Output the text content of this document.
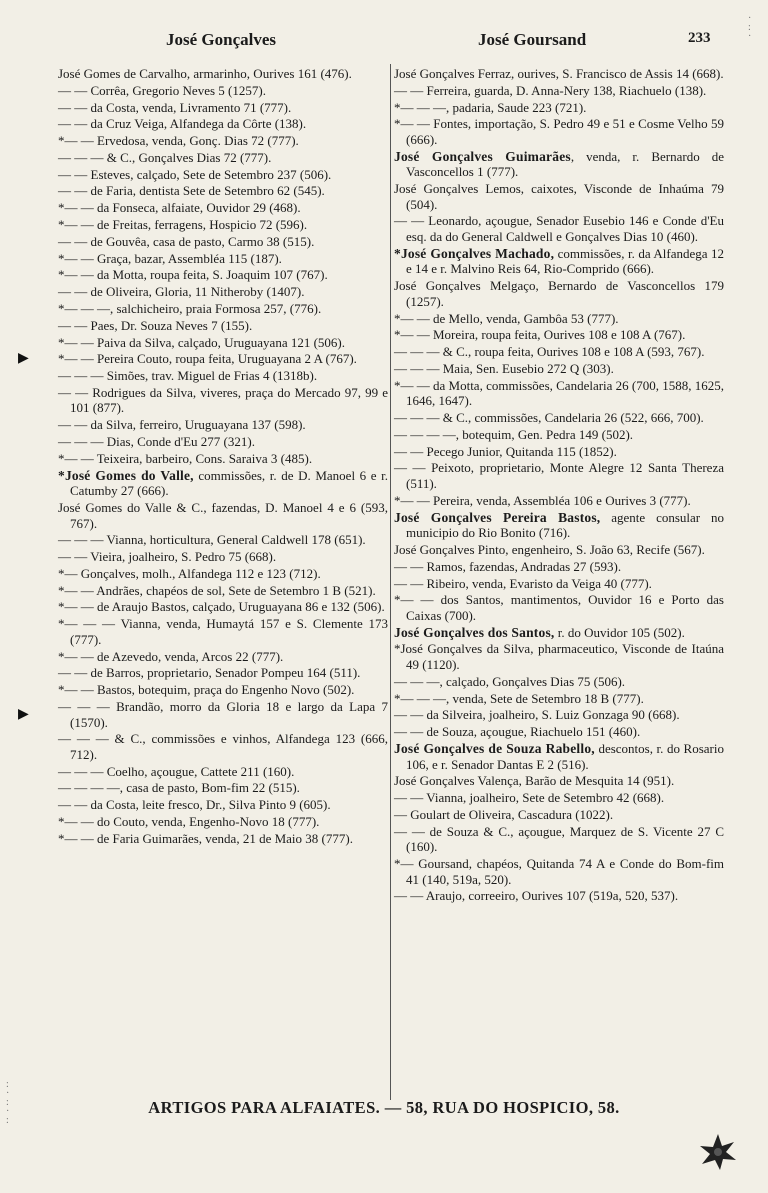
José Gonçalves	José Goursand	233
José Gomes de Carvalho, armarinho, Ourives 161 (476).
— — Corrêa, Gregorio Neves 5 (1257).
— — da Costa, venda, Livramento 71 (777).
— — da Cruz Veiga, Alfandega da Côrte (138).
*— — Ervedosa, venda, Gonç. Dias 72 (777).
— — — & C., Gonçalves Dias 72 (777).
— — Esteves, calçado, Sete de Setembro 237 (506).
— — de Faria, dentista Sete de Setembro 62 (545).
*— — da Fonseca, alfaiate, Ouvidor 29 (468).
*— — de Freitas, ferragens, Hospicio 72 (596).
— — de Gouvêa, casa de pasto, Carmo 38 (515).
*— — Graça, bazar, Assembléa 115 (187).
*— — da Motta, roupa feita, S. Joaquim 107 (767).
— — de Oliveira, Gloria, 11 Nitheroby (1407).
*— — —, salchicheiro, praia Formosa 257, (776).
— — Paes, Dr. Souza Neves 7 (155).
*— — Paiva da Silva, calçado, Uruguayana 121 (506).
*— — Pereira Couto, roupa feita, Uruguayana 2 A (767).
— — — Simões, trav. Miguel de Frias 4 (1318b).
— — Rodrigues da Silva, viveres, praça do Mercado 97, 99 e 101 (877).
— — da Silva, ferreiro, Uruguayana 137 (598).
— — — Dias, Conde d'Eu 277 (321).
*— — Teixeira, barbeiro, Cons. Saraiva 3 (485).
*José Gomes do Valle, commissões, r. de D. Manoel 6 e r. Catumby 27 (666).
José Gomes do Valle & C., fazendas, D. Manoel 4 e 6 (593, 767).
— — — Vianna, horticultura, General Caldwell 178 (651).
— — Vieira, joalheiro, S. Pedro 75 (668).
*— Gonçalves, molh., Alfandega 112 e 123 (712).
*— — Andrães, chapéos de sol, Sete de Setembro 1 B (521).
*— — de Araujo Bastos, calçado, Uruguayana 86 e 132 (506).
*— — — Vianna, venda, Humaytá 157 e S. Clemente 173 (777).
*— — de Azevedo, venda, Arcos 22 (777).
— — de Barros, proprietario, Senador Pompeu 164 (511).
*— — Bastos, botequim, praça do Engenho Novo (502).
— — — Brandão, morro da Gloria 18 e largo da Lapa 7 (1570).
— — — & C., commissões e vinhos, Alfandega 123 (666, 712).
— — — Coelho, açougue, Cattete 211 (160).
— — — —, casa de pasto, Bom-fim 22 (515).
— — da Costa, leite fresco, Dr., Silva Pinto 9 (605).
*— — do Couto, venda, Engenho-Novo 18 (777).
*— — de Faria Guimarães, venda, 21 de Maio 38 (777).
José Gonçalves Ferraz, ourives, S. Francisco de Assis 14 (668).
— — Ferreira, guarda, D. Anna-Nery 138, Riachuelo (138).
*— — —, padaria, Saude 223 (721).
*— — Fontes, importação, S. Pedro 49 e 51 e Cosme Velho 59 (666).
José Gonçalves Guimarães, venda, r. Bernardo de Vasconcellos 1 (777).
José Gonçalves Lemos, caixotes, Visconde de Inhaúma 79 (504).
— — Leonardo, açougue, Senador Eusebio 146 e Conde d'Eu esq. da do General Caldwell e Gonçalves Dias 10 (460).
*José Gonçalves Machado, commissões, r. da Alfandega 12 e 14 e r. Malvino Reis 64, Rio-Comprido (666).
José Gonçalves Melgaço, Bernardo de Vasconcellos 179 (1257).
*— — de Mello, venda, Gambôa 53 (777).
*— — Moreira, roupa feita, Ourives 108 e 108 A (767).
— — — & C., roupa feita, Ourives 108 e 108 A (593, 767).
— — — Maia, Sen. Eusebio 272 Q (303).
*— — da Motta, commissões, Candelaria 26 (700, 1588, 1625, 1646, 1647).
— — — & C., commissões, Candelaria 26 (522, 666, 700).
— — — —, botequim, Gen. Pedra 149 (502).
— — Pecego Junior, Quitanda 115 (1852).
— — Peixoto, proprietario, Monte Alegre 12 Santa Thereza (511).
*— — Pereira, venda, Assembléa 106 e Ourives 3 (777).
José Gonçalves Pereira Bastos, agente consular no municipio do Rio Bonito (716).
José Gonçalves Pinto, engenheiro, S. João 63, Recife (567).
— — Ramos, fazendas, Andradas 27 (593).
— — Ribeiro, venda, Evaristo da Veiga 40 (777).
*— — dos Santos, mantimentos, Ouvidor 16 e Porto das Caixas (700).
José Gonçalves dos Santos, r. do Ouvidor 105 (502).
*José Gonçalves da Silva, pharmaceutico, Visconde de Itaúna 49 (1120).
— — —, calçado, Gonçalves Dias 75 (506).
*— — —, venda, Sete de Setembro 18 B (777).
— — da Silveira, joalheiro, S. Luiz Gonzaga 90 (668).
— — de Souza, açougue, Riachuelo 151 (460).
José Gonçalves de Souza Rabello, descontos, r. do Rosario 106, e r. Senador Dantas E 2 (516).
José Gonçalves Valença, Barão de Mesquita 14 (951).
— — Vianna, joalheiro, Sete de Setembro 42 (668).
— Goulart de Oliveira, Cascadura (1022).
— — de Souza & C., açougue, Marquez de S. Vicente 27 C (160).
*— Goursand, chapéos, Quitanda 74 A e Conde do Bom-fim 41 (140, 519a, 520).
— — Araujo, correeiro, Ourives 107 (519a, 520, 537).
ARTIGOS PARA ALFAIATES. — 58, RUA DO HOSPICIO, 58.
▶
▶
·
:
·
:
·
:
·
:
